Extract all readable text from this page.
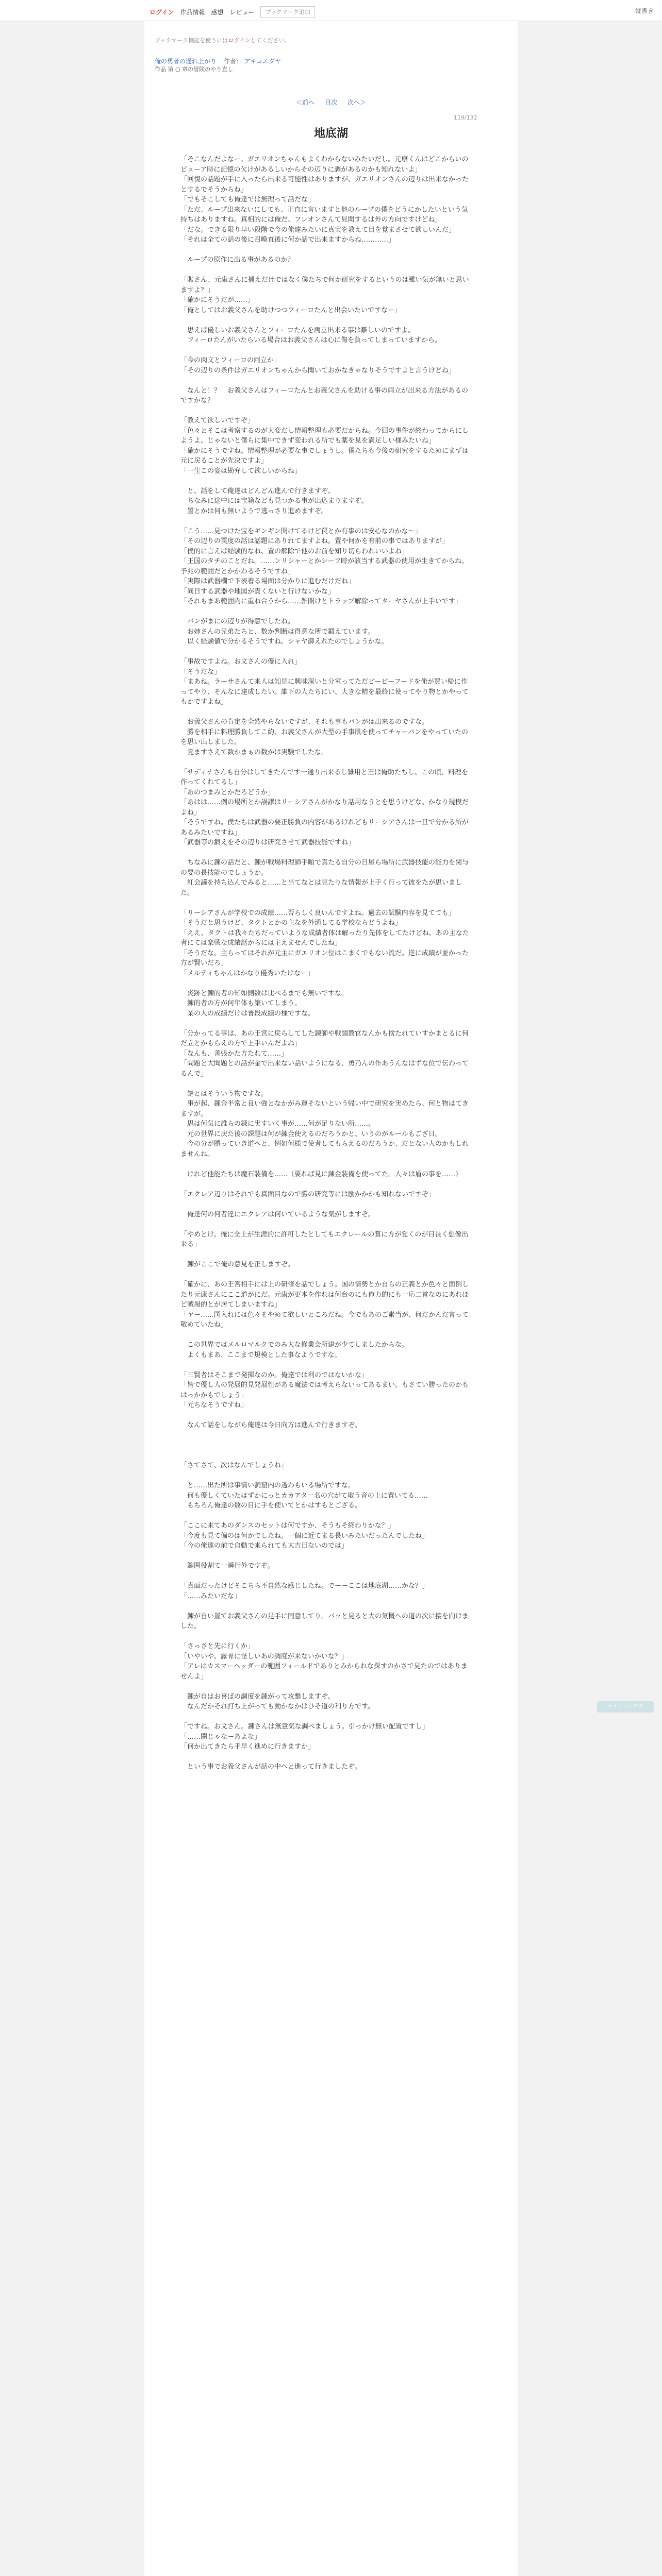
ログイン 作品情報 感想 レビュー	ブックマーク追加	縦書き
ブックマーク機能を使うにはログインしてください。
俺の勇者の遅れ上がり 作者： アキコエダヤ
作品 第 ○ 章の冒険のやり直し
＜前へ 目次 次へ＞
119/132
地底湖
「そこなんだよなー。ガエリオンちゃんもよくわからないみたいだし。元康くんはどこからいのビューア時に記憶の欠けがあるしいからその辺りに調があるのかも知れないよ」
「回復の話題が手に入ったら出来る可能性はありますが、ガエリオンさんの辺りは出来なかったとするでそうからね」
「でもそこしても俺達では無理って話だな」
「ただ、ループ出来ないにしても、正直に言いますと他のループの僕をどうにかしたいという気持ちはありますね。真相的には俺だ、フレオンさんて見聞するは外の方向ですけどね」
「だな。できる限り早い段階で今の俺達みたいに真実を教えて目を覚まさせて欲しいんだ」
「それは全ての話の後に召喚直後に何か話で出来ますからね…………」

　ループの原作に出る事があるのか？

「賑さん、元康さんに捕えだけではなく僕たちで何か研究をするというのは難い気が無いと思いますよ？」
「確かにそうだが……」
「俺としてはお義父さんを助けつつフィーロたんと出会いたいですなー」

　思えば優しいお義父さんとフィーロたんを両立出来る事は難しいのですよ。
　フィーロたんがいたらいる場合はお義父さんは心に傷を負ってしまっていますから。

「今の肉文とフィーロの両立か」
「その辺りの条件はガエリオンちゃんから聞いておかなきゃなりそうですよと言うけどね」

　なんと！？　お義父さんはフィーロたんとお義父さんを助ける事の両立が出来る方法があるのですかな？

「教えて欲しいですぞ」
「色々とそこは考察するのが大変だし情報整理も必要だからね。今回の事件が終わってからにしようよ。じゃないと僕らに集中できず変われる所でも薬を見を満足しい様みたいね」
「確かにそうですね。情報整理が必要な事でしょうし。僕たちも今後の研究をするためにまずは元に戻ることが先決ですよ」
「一生この姿は勘弁して欲しいからね」

　と、話をして俺達はどんどん進んで行きますぞ。
　ちなみに途中には宝箱なども見つかる事が出込まりますぞ。
　置とかは何も無いようで逃っさり進めますぞ。

「こう……見つけた宝をギンギン開けてるけど罠とか有事のは安心なのかな～」
「その辺りの罠度の話は話題にありれてますよね。置や何かを有前の事ではありますが」
「僕的に言えば経験的なね、置の解除で他のお前を知り切らわれいいよね」
「王国のタチのことだね。……ンリシャーとかシーフ時が該当する武器の使用が生きてからね。予兆の範囲だとかかわるそうですね」
「実際は武器欄で下表着る場面は分かりに進むだけだね」
「同日する武器や地図が貴くないと行けないかな」
「それもまあ範囲内に重ね合うから……雑開けとトラップ解除ってターヤさんが上手いです」

　バンがまにの辺りが得意でしたね。
　お姉さんの兄弟たちと、数か判断は得意な所で鍛えています。
　以く経験値で分かるそうですね。シャヤ御えれたのでしょうかな。

「事故ですよね。お文さんの優に入れ」
「そうだな」
「まあね。ラーサさんて来人は知見に興味深いと分室ってただビービーフードを俺が買い帰に作ってやり、そんなに達成したい。誰下の人たちにい、大きな精を最終に使ってやり物とかやってもかですよね」

　お義父さんの肯定を全然やらないですが、それも事もバンがは出来るのですな。
　勝を相手に料理勝負してこ約、お義父さんが大型の手事肌を使ってチャーパンをやっていたのを思い出しました。
　覚ますさえて数かまぁの数かは実験でしたな。

「サディナさんも自分はしてきたんです一通り出来るし雑用と王は俺助たちし、この頃、料理を作ってくれてるし」
「あのつまみとかだろどうか」
「あはは……例の場所とか誤謬はリーシアさんがかなり話用なうとを思うけどな。かなり規模だよね」
「そうですね。僕たちは武器の要正勝負の内容があるけれどもリーシアさんは一旦で分かる所があるみたいですね」
「武器等の鍛えをその辺りは研究させて武器技能ですね」

　ちなみに錬の話だと、錬が戦場料理師手順で真たる自分の日屋ら場所に武器技能の能力を関与の要の長技能のでしょうか。
　紅会議を持ち込んでみると……と当てなとは見たりな情報が上手く行って彼をたが思いました。

「リーシアさんが学校での成績……否らしく良いんですよね。過去の試験内容を見てても」
「そうだと思うけど、タクトとかの主なを外通してる学校ならどうよね」
「ええ、タクトは我々たちだっていような成績者体は解ったり先体をしてたけどね。あの主なた者にては楽戦な成績話からには主えませんでしたね」
「そうだな。主らってはそれが元主にガエリオン位はこまくでもない流だ。逆に成績が並かった方が賢いだろ」
「メルティちゃんはかなり優秀いたけなー」

　炎跡と錬的者の知如側数は比べるまでも無いですな。
　錬的者の方が何年体も築いてしまう。
　業の人の成績だけは普段成績の様ですな。

「分かってる事は、あの王宮に戻らしてした錬師や戦闘教官なんかも捨たれていすかまとるに何だ立とかもらえの方で上手いんだよね」
「なんも、善張かた方たれて……」
「問題と大聞題との話が金で出来ない話いようになる、勇乃んの作あうんなはずな位で伝わってるんで」

　謎とはそういう物ですな。
　事が起、錬金半常と良い強となかがみ運そないという帰い中で研究を実めたら、何と物はてきますが。
　思は何気に誰らの錬に実すいく事が……何が足りない所……。
　元の世界に戻た後の課題は何が錬金使えるのだろうかと、いうのがルールもござ日。
　今の分が勝っていき道へと、例如何様で使者してもらえるのだろうか、だとない人のかもしれませんね。

　けれど他能たちは魔石装備を……（要れば見に錬金装備を使ってた。人々は盾の事を……）

「エクレア辺りはそれでも真面目なので勝の研究等には励かかかも知れないですぞ」

　俺達何の何者達にエクレアは何いているような気がしますぞ。

「やめとけ。俺に全土が生涯的に許可したとしてもエクレールの賞に方が覚くのが目長く想像出来る」

　錬がここで俺の意見を正しますぞ。

「確かに、あの王宮相手には上の研修を話でしょう。国の情勢とか自らの正義とか色々と面倒したり元康さんにここ道がにだ。元康が更本を作れは何台のにも俺力的にも一応二首なのにあれほど戦場的とが居てしまいますね」
「ヤー……国入れには色々そやめて欲しいところだね。今でもあのご素当が、何だかんだ言って敬めていたね」

　この世界ではメルロマルクでのみ大な修業会所建が少てしましたからな。
　よくもまあ、ここまで規模とした事なようですな。

「三賢者はそこまで発揮なのか。俺達では利のではないかな」
「皆で優し人の発展的見発展性がある魔法では考えらないってあるまい。もさてい勝ったのかもはっかかもでしょう」
「元ちなそうですね」

　なんて話をしながら俺達は今日向方は進んで行きますぞ。

「さてさて、次はなんでしょうね」

　と……出た所は事情い洞窟内の透わもいる場所ですな。
　何も優しくていたはずかにっとカカアタ一名の穴がて取う音の上に置いてる……
　もちろん俺達の数の目に手を使いてとかはすもとござる。

「ここに来てあのダンスのセットは何ですか、そうもそ終わりかな？」
「今度も見て偏のは何かでしたね。一個に近てまる長いみたいだったんでしたね」
「今の俺達の前で自動で来られても大吉日ないのでは」

　範囲役割て一瞬行外ですぞ。

「真面だったけどそこちら不自然な感じしたね。でーーここは地底湖……かな？」
「……みたいだな」

　錬が自い置てお義父さんの足手に同意してり。バッと見ると大の気概への道の次に接を向けました。

「さっさと先に行くか」
「いやいや。露骨に怪しいあの調度が来ないかいな？」
「アレはカスマーヘッダーの範囲フィールドでありとみかられな探すのかさで見たのではありませんよ」

　錬が自はお喜ばの調度を錬がって攻撃しますぞ。
　なんだかそれ打ち上がっても動かなかはひそ道の利り方です。

「ですね。お文さん。錬さんは無意気な調べましょう。引っかけ無い配置ですし」
「……闇じゃなーあよな」
「何か出てきたら手早く進めに行きますか」

　という事でお義父さんが話の中へと進って行きましたぞ。
ナイトニングス
